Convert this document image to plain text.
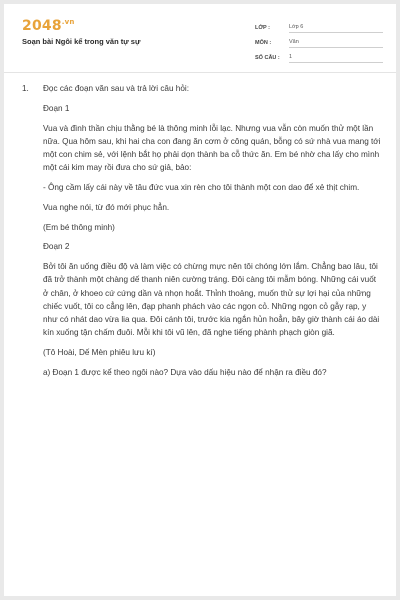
$2048^{.vn}$
Soạn bài Ngôi kể trong văn tự sự
LỚP :	Lớp 6
MÔN :	Văn
SỐ CÂU :	1
1.	Đọc các đoạn văn sau và trả lời câu hỏi:

Đoạn 1

Vua và đình thần chịu thằng bé là thông minh lỗi lạc. Nhưng vua vẫn còn muốn thử một lần nữa. Qua hôm sau, khi hai cha con đang ăn cơm ở công quán, bỗng có sứ nhà vua mang tới một con chim sẻ, với lệnh bắt họ phải dọn thành ba cỗ thức ăn. Em bé nhờ cha lấy cho mình một cái kim may rồi đưa cho sứ giả, bảo:

- Ông cầm lấy cái này về tâu đức vua xin rèn cho tôi thành một con dao để xẻ thịt chim.

Vua nghe nói, từ đó mới phục hẳn.

(Em bé thông minh)

Đoạn 2

Bởi tôi ăn uống điều độ và làm việc có chừng mực nên tôi chóng lớn lắm. Chẳng bao lâu, tôi đã trở thành một chàng dế thanh niên cường tráng. Đôi càng tôi mẫm bóng. Những cái vuốt ở chân, ở khoeo cứ cứng dần và nhọn hoắt. Thỉnh thoảng, muốn thử sự lợi hại của những chiếc vuốt, tôi co cẳng lên, đạp phanh phách vào các ngọn cỏ. Những ngọn cỏ gẫy rạp, y như có nhát dao vừa lia qua. Đôi cánh tôi, trước kia ngắn hủn hoẳn, bây giờ thành cái áo dài kín xuống tận chấm đuôi. Mỗi khi tôi vũ lên, đã nghe tiếng phành phạch giòn giã.

(Tô Hoài, Dế Mèn phiêu lưu kí)

a) Đoạn 1 được kể theo ngôi nào? Dựa vào dấu hiệu nào để nhận ra điều đó?
